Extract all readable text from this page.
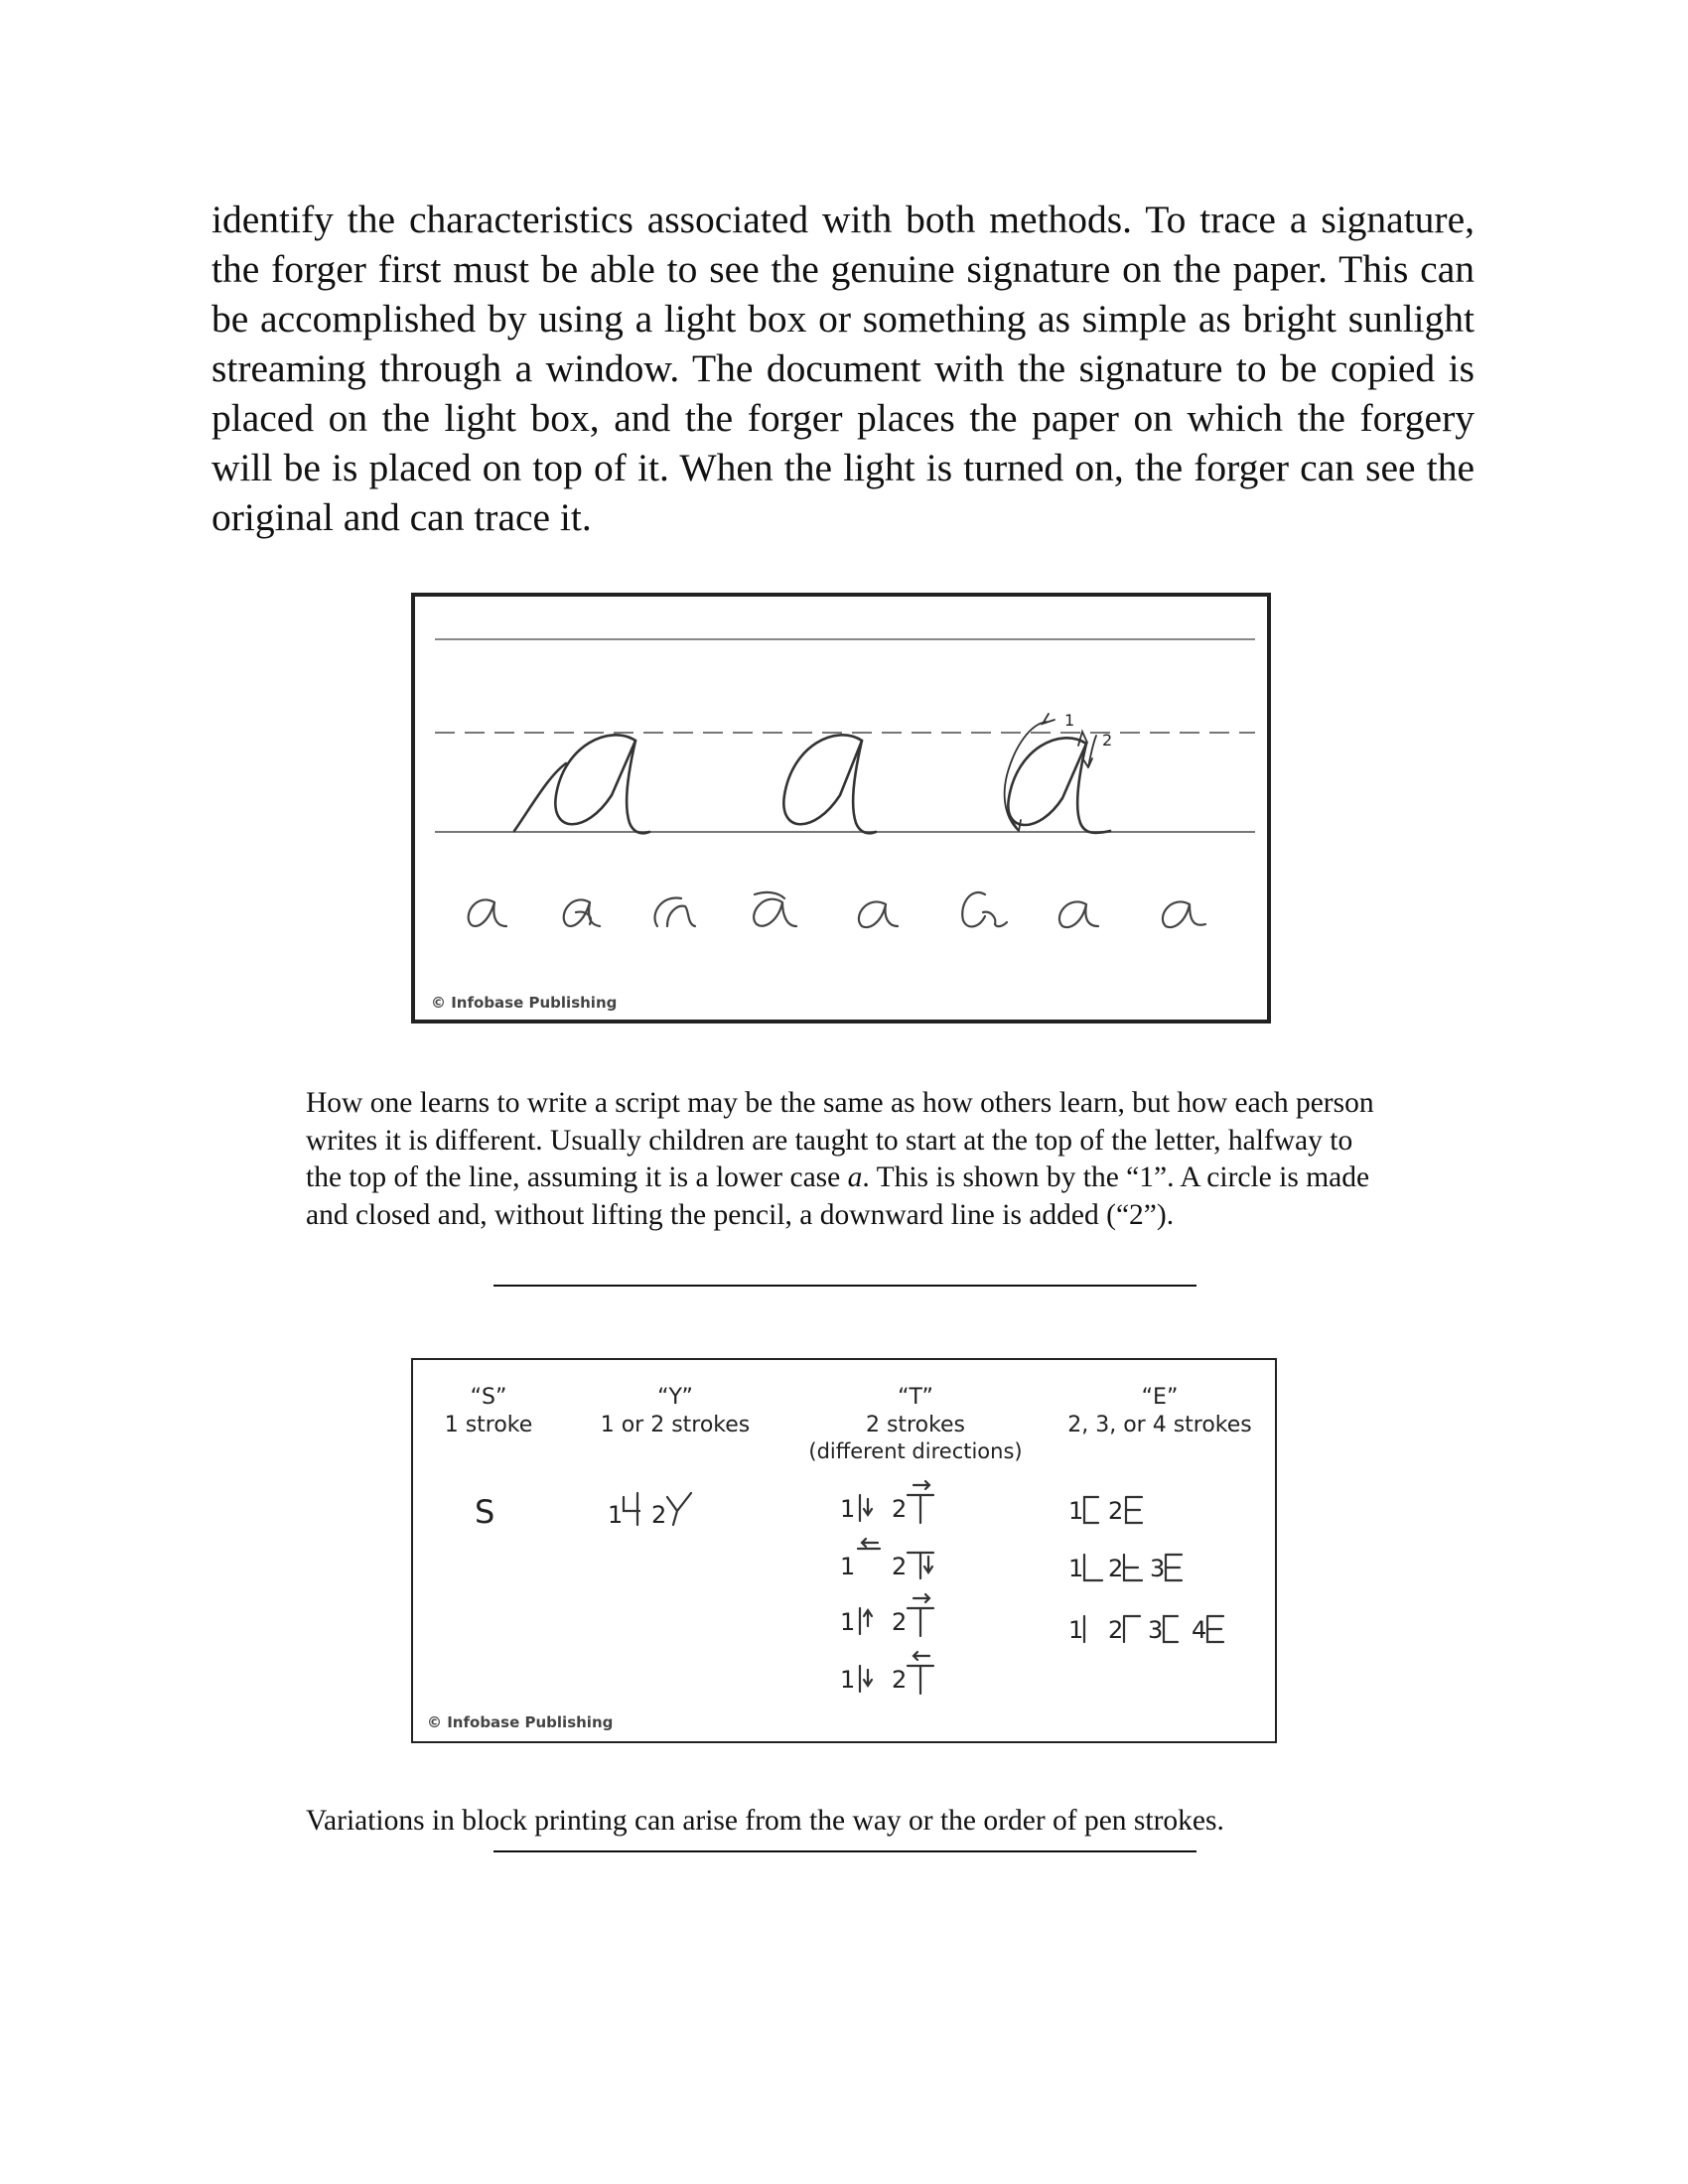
identify the characteristics associated with both methods. To trace a signature, the forger first must be able to see the genuine signature on the paper. This can be accomplished by using a light box or something as simple as bright sunlight streaming through a window. The document with the signature to be copied is placed on the light box, and the forger places the paper on which the forgery will be is placed on top of it. When the light is turned on, the forger can see the original and can trace it.

1
2
© Infobase Publishing

How one learns to write a script may be the same as how others learn, but how each person writes it is different. Usually children are taught to start at the top of the letter, halfway to the top of the line, assuming it is a lower case a. This is shown by the “1”. A circle is made and closed and, without lifting the pencil, a downward line is added (“2”).

“S”
1 stroke
“Y”
1 or 2 strokes
“T”
2 strokes
(different directions)
“E”
2, 3, or 4 strokes
S	1 2	1 2
1 2
1 2
1 2
1 2
1 2 3
1 2 3 4
© Infobase Publishing

Variations in block printing can arise from the way or the order of pen strokes.
